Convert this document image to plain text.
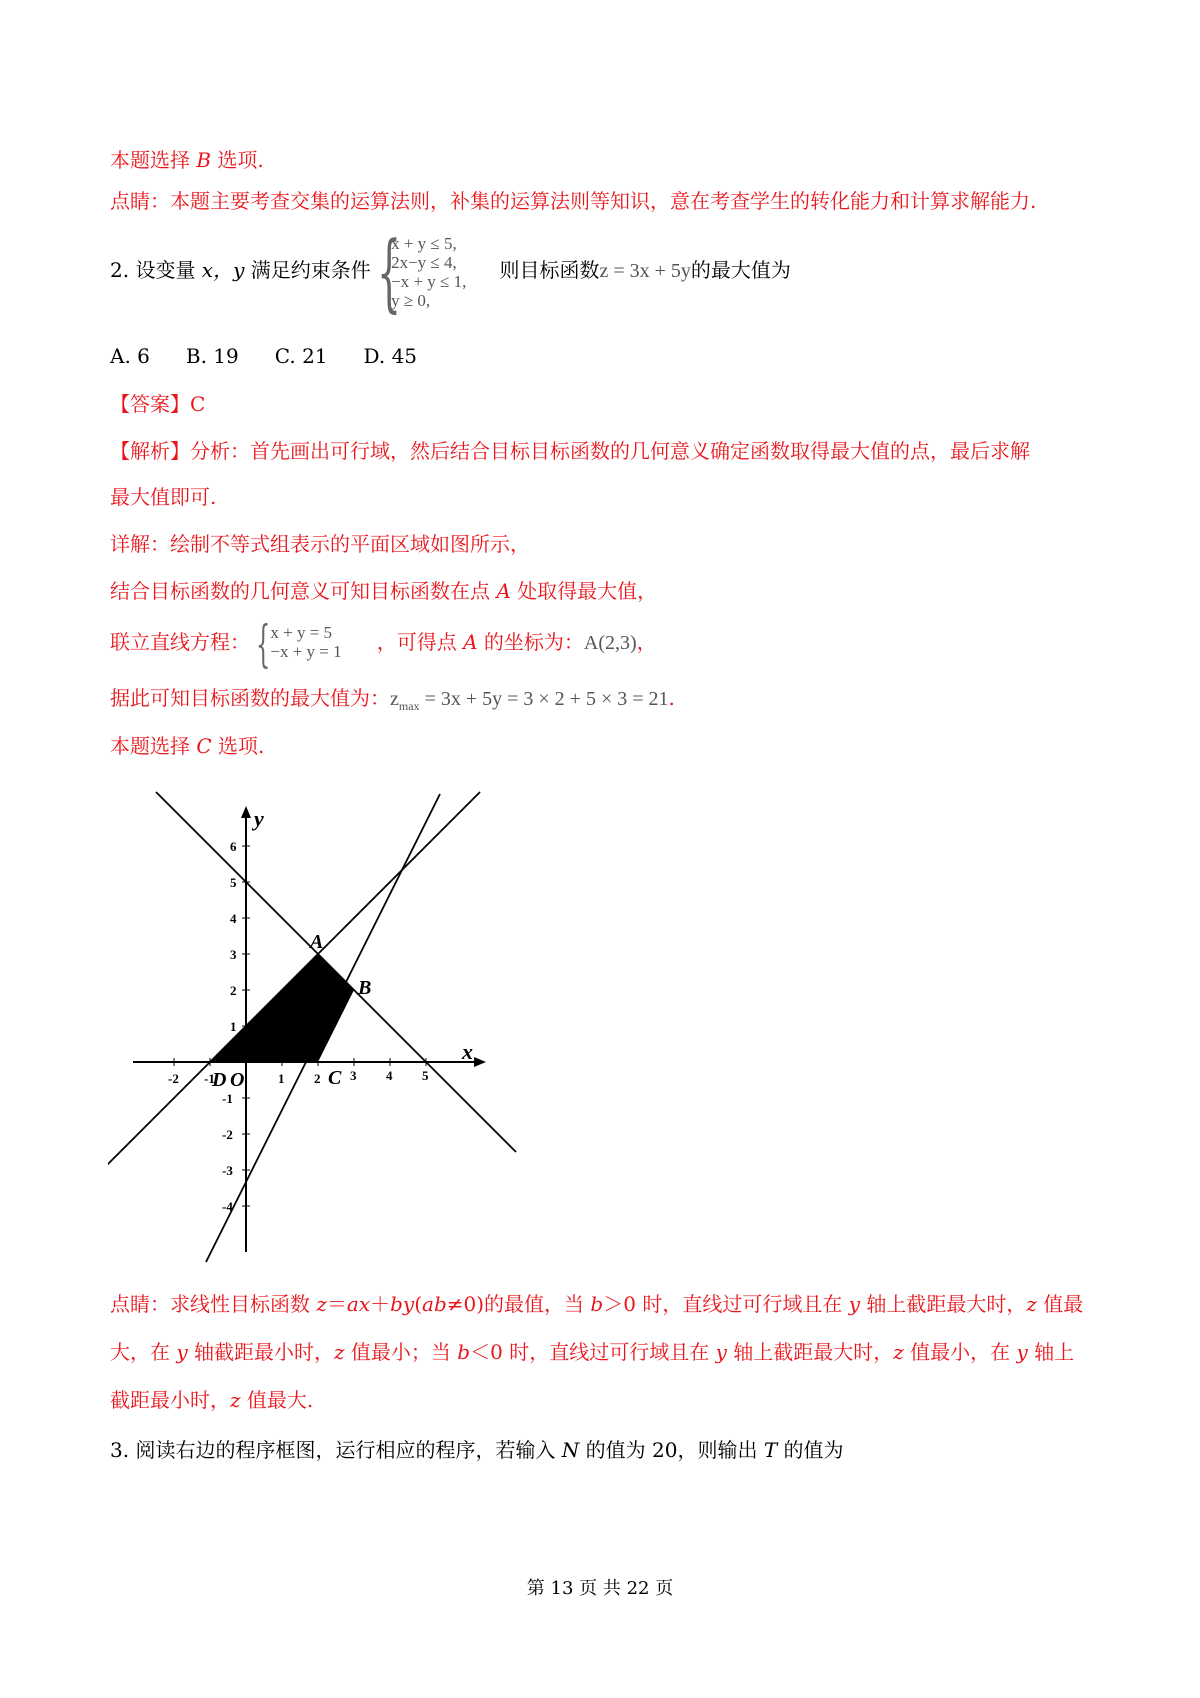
本题选择 B 选项.
点睛：本题主要考查交集的运算法则，补集的运算法则等知识，意在考查学生的转化能力和计算求解能力.
2. 设变量 x，y 满足约束条件 {
x + y ≤ 5,
2x−y ≤ 4,
−x + y ≤ 1,
y ≥ 0,
则目标函数z = 3x + 5y的最大值为
A. 6 B. 19 C. 21 D. 45
【答案】C
【解析】分析：首先画出可行域，然后结合目标目标函数的几何意义确定函数取得最大值的点，最后求解
最大值即可.
详解：绘制不等式组表示的平面区域如图所示，
结合目标函数的几何意义可知目标函数在点 A 处取得最大值，
联立直线方程： { x + y = 5
−x + y = 1 ，可得点 A 的坐标为：A(2,3)，
据此可知目标函数的最大值为：$z_{max} = 3x + 5y = 3 \times 2 + 5 \times 3 = 21$.
本题选择 C 选项.
-2 -1	1 2 3 4 5
6
5
4
3
2
1
-1
-2
-3
-4
x
y
O
A
B
C
D
点睛：求线性目标函数 z＝ax＋by(ab≠0)的最值，当 b＞0 时，直线过可行域且在 y 轴上截距最大时，z 值最
大，在 y 轴截距最小时，z 值最小；当 b＜0 时，直线过可行域且在 y 轴上截距最大时，z 值最小，在 y 轴上
截距最小时，z 值最大.
3. 阅读右边的程序框图，运行相应的程序，若输入 N 的值为 20，则输出 T 的值为
第 13 页 共 22 页
